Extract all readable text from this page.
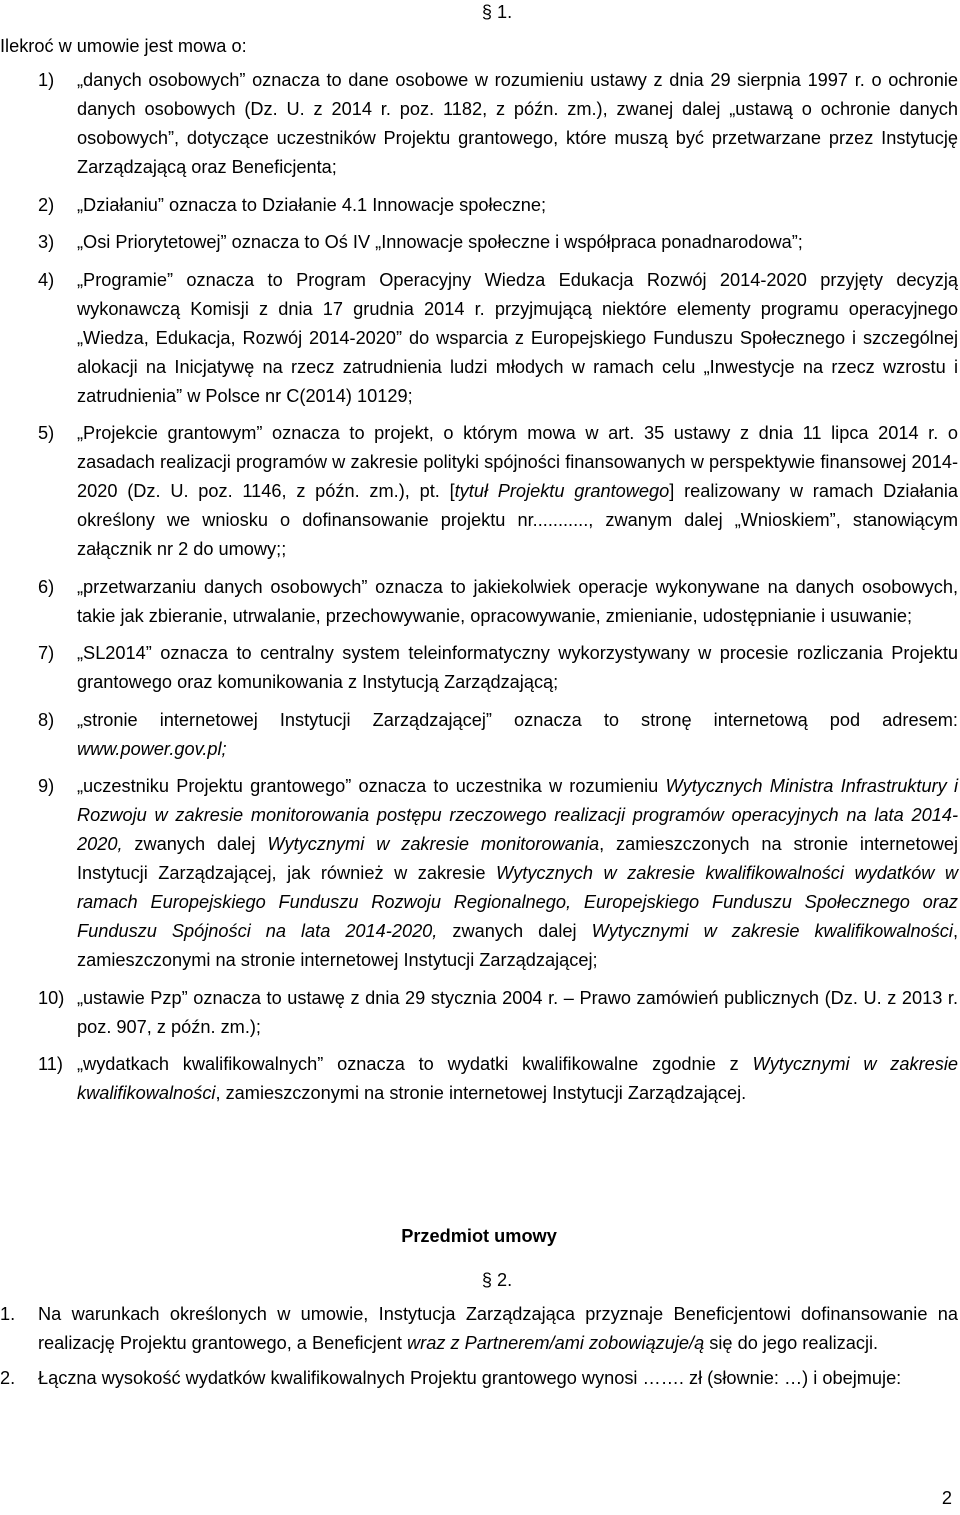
§ 1.
Ilekroć w umowie jest mowa o:
1)	„danych osobowych” oznacza to dane osobowe w rozumieniu ustawy z dnia 29 sierpnia 1997 r. o ochronie danych osobowych (Dz. U. z 2014 r. poz. 1182, z późn. zm.), zwanej dalej „ustawą o ochronie danych osobowych”, dotyczące uczestników Projektu grantowego, które muszą być przetwarzane przez Instytucję Zarządzającą oraz Beneficjenta;
2)	„Działaniu” oznacza to Działanie 4.1 Innowacje społeczne;
3)	„Osi Priorytetowej” oznacza to Oś IV „Innowacje społeczne i współpraca ponadnarodowa”;
4)	„Programie” oznacza to Program Operacyjny Wiedza Edukacja Rozwój 2014-2020 przyjęty decyzją wykonawczą Komisji z dnia 17 grudnia 2014 r. przyjmującą niektóre elementy programu operacyjnego „Wiedza, Edukacja, Rozwój 2014-2020” do wsparcia z Europejskiego Funduszu Społecznego i szczególnej alokacji na Inicjatywę na rzecz zatrudnienia ludzi młodych w ramach celu „Inwestycje na rzecz wzrostu i zatrudnienia” w Polsce nr C(2014) 10129;
5)	„Projekcie grantowym” oznacza to projekt, o którym mowa w art. 35 ustawy z dnia 11 lipca 2014 r. o zasadach realizacji programów w zakresie polityki spójności finansowanych w perspektywie finansowej 2014-2020 (Dz. U. poz. 1146, z późn. zm.), pt. [tytuł Projektu grantowego] realizowany w ramach Działania określony we wniosku o dofinansowanie projektu nr..........., zwanym dalej „Wnioskiem”, stanowiącym załącznik nr 2 do umowy;;
6)	„przetwarzaniu danych osobowych” oznacza to jakiekolwiek operacje wykonywane na danych osobowych, takie jak zbieranie, utrwalanie, przechowywanie, opracowywanie, zmienianie, udostępnianie i usuwanie;
7)	„SL2014” oznacza to centralny system teleinformatyczny wykorzystywany w procesie rozliczania Projektu grantowego oraz komunikowania z Instytucją Zarządzającą;
8)	„stronie internetowej Instytucji Zarządzającej” oznacza to stronę internetową pod adresem: www.power.gov.pl;
9)	„uczestniku Projektu grantowego” oznacza to uczestnika w rozumieniu Wytycznych Ministra Infrastruktury i Rozwoju w zakresie monitorowania postępu rzeczowego realizacji programów operacyjnych na lata 2014-2020, zwanych dalej Wytycznymi w zakresie monitorowania, zamieszczonych na stronie internetowej Instytucji Zarządzającej, jak również w zakresie Wytycznych w zakresie kwalifikowalności wydatków w ramach Europejskiego Funduszu Rozwoju Regionalnego, Europejskiego Funduszu Społecznego oraz Funduszu Spójności na lata 2014-2020, zwanych dalej Wytycznymi w zakresie kwalifikowalności, zamieszczonymi na stronie internetowej Instytucji Zarządzającej;
10) „ustawie Pzp” oznacza to ustawę z dnia 29 stycznia 2004 r. – Prawo zamówień publicznych (Dz. U. z 2013 r. poz. 907, z późn. zm.);
11) „wydatkach kwalifikowalnych” oznacza to wydatki kwalifikowalne zgodnie z Wytycznymi w zakresie kwalifikowalności, zamieszczonymi na stronie internetowej Instytucji Zarządzającej.
Przedmiot umowy
§ 2.
1.	Na warunkach określonych w umowie, Instytucja Zarządzająca przyznaje Beneficjentowi dofinansowanie na realizację Projektu grantowego, a Beneficjent wraz z Partnerem/ami zobowiązuje/ą się do jego realizacji.
2.	Łączna wysokość wydatków kwalifikowalnych Projektu grantowego wynosi ……. zł (słownie: …) i obejmuje:
2
